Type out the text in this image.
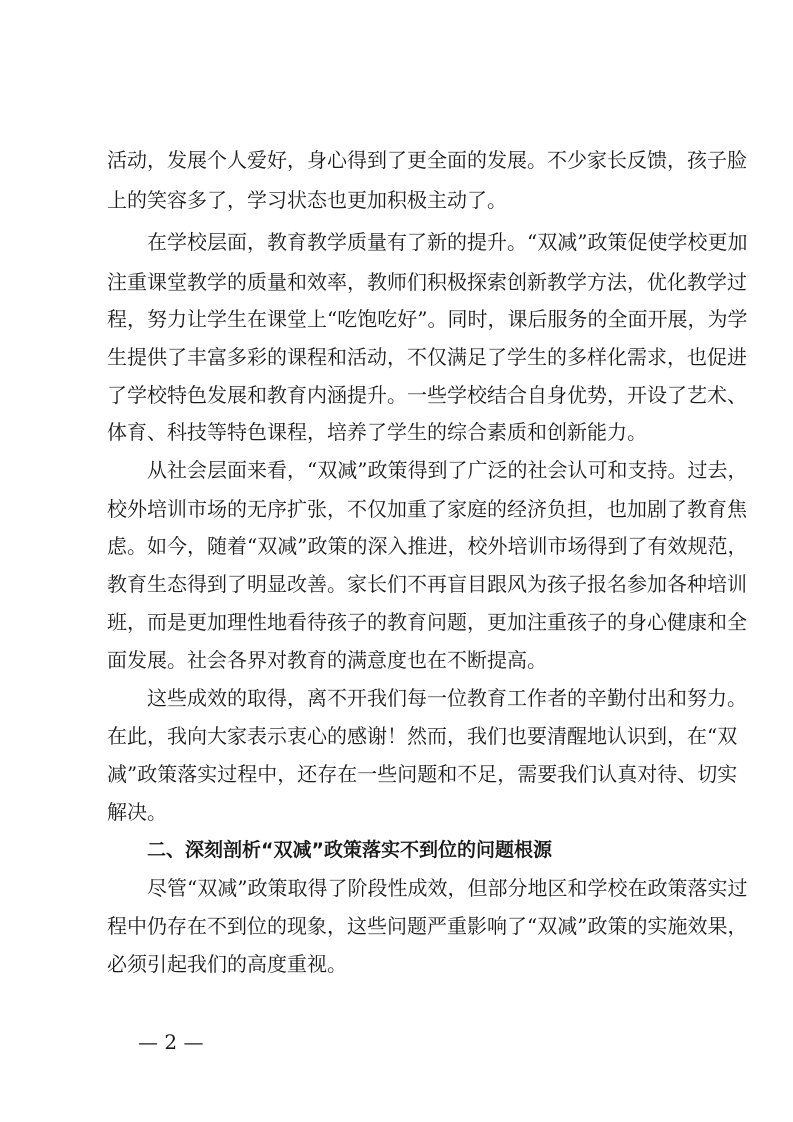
活动，发展个人爱好，身心得到了更全面的发展。不少家长反馈，孩子脸
上的笑容多了，学习状态也更加积极主动了。
在学校层面，教育教学质量有了新的提升。“双减”政策促使学校更加
注重课堂教学的质量和效率，教师们积极探索创新教学方法，优化教学过
程，努力让学生在课堂上“吃饱吃好”。同时，课后服务的全面开展，为学
生提供了丰富多彩的课程和活动，不仅满足了学生的多样化需求，也促进
了学校特色发展和教育内涵提升。一些学校结合自身优势，开设了艺术、
体育、科技等特色课程，培养了学生的综合素质和创新能力。
从社会层面来看，“双减”政策得到了广泛的社会认可和支持。过去，
校外培训市场的无序扩张，不仅加重了家庭的经济负担，也加剧了教育焦
虑。如今，随着“双减”政策的深入推进，校外培训市场得到了有效规范，
教育生态得到了明显改善。家长们不再盲目跟风为孩子报名参加各种培训
班，而是更加理性地看待孩子的教育问题，更加注重孩子的身心健康和全
面发展。社会各界对教育的满意度也在不断提高。
这些成效的取得，离不开我们每一位教育工作者的辛勤付出和努力。
在此，我向大家表示衷心的感谢！然而，我们也要清醒地认识到，在“双
减”政策落实过程中，还存在一些问题和不足，需要我们认真对待、切实
解决。
二、深刻剖析“双减”政策落实不到位的问题根源
尽管“双减”政策取得了阶段性成效，但部分地区和学校在政策落实过
程中仍存在不到位的现象，这些问题严重影响了“双减”政策的实施效果，
必须引起我们的高度重视。
— 2 —
